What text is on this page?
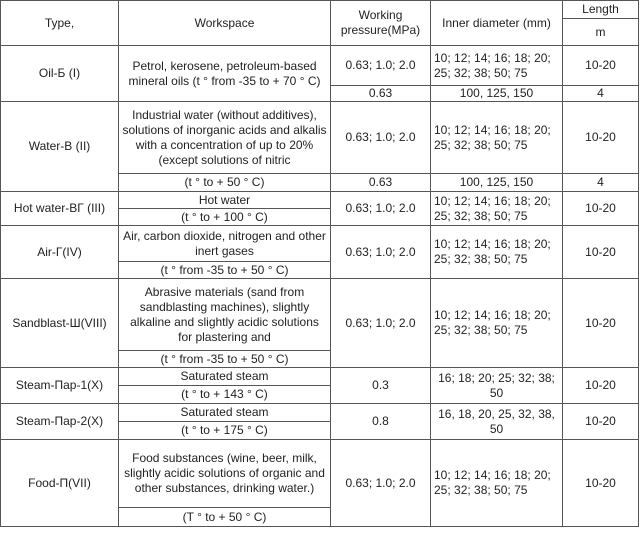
Type,	Workspace	Working pressure(MPa)	Inner diameter (mm)	Length
				m
Oil-Б (I)	Petrol, kerosene, petroleum-based mineral oils (t ° from -35 to + 70 ° C)	0.63; 1.0; 2.0	10; 12; 14; 16; 18; 20; 25; 32; 38; 50; 75	10-20
		0.63	100, 125, 150	4
Water-B (II)	Industrial water (without additives), solutions of inorganic acids and alkalis with a concentration of up to 20% (except solutions of nitric	0.63; 1.0; 2.0	10; 12; 14; 16; 18; 20; 25; 32; 38; 50; 75	10-20
	(t ° to + 50 ° C)	0.63	100, 125, 150	4
Hot water-BГ (III)	Hot water	0.63; 1.0; 2.0	10; 12; 14; 16; 18; 20; 25; 32; 38; 50; 75	10-20
	(t ° to + 100 ° C)			
Air-Г(IV)	Air, carbon dioxide, nitrogen and other inert gases	0.63; 1.0; 2.0	10; 12; 14; 16; 18; 20; 25; 32; 38; 50; 75	10-20
	(t ° from -35 to + 50 ° C)			
Sandblast-Ш(VIII)	Abrasive materials (sand from sandblasting machines), slightly alkaline and slightly acidic solutions for plastering and	0.63; 1.0; 2.0	10; 12; 14; 16; 18; 20; 25; 32; 38; 50; 75	10-20
	(t ° from -35 to + 50 ° C)			
Steam-Пар-1(X)	Saturated steam	0.3	16; 18; 20; 25; 32; 38; 50	10-20
	(t ° to + 143 ° C)			
Steam-Пар-2(X)	Saturated steam	0.8	16, 18, 20, 25, 32, 38, 50	10-20
	(t ° to + 175 ° C)			
Food-П(VII)	Food substances (wine, beer, milk, slightly acidic solutions of organic and other substances, drinking water.)	0.63; 1.0; 2.0	10; 12; 14; 16; 18; 20; 25; 32; 38; 50; 75	10-20
	(T ° to + 50 ° C)			
